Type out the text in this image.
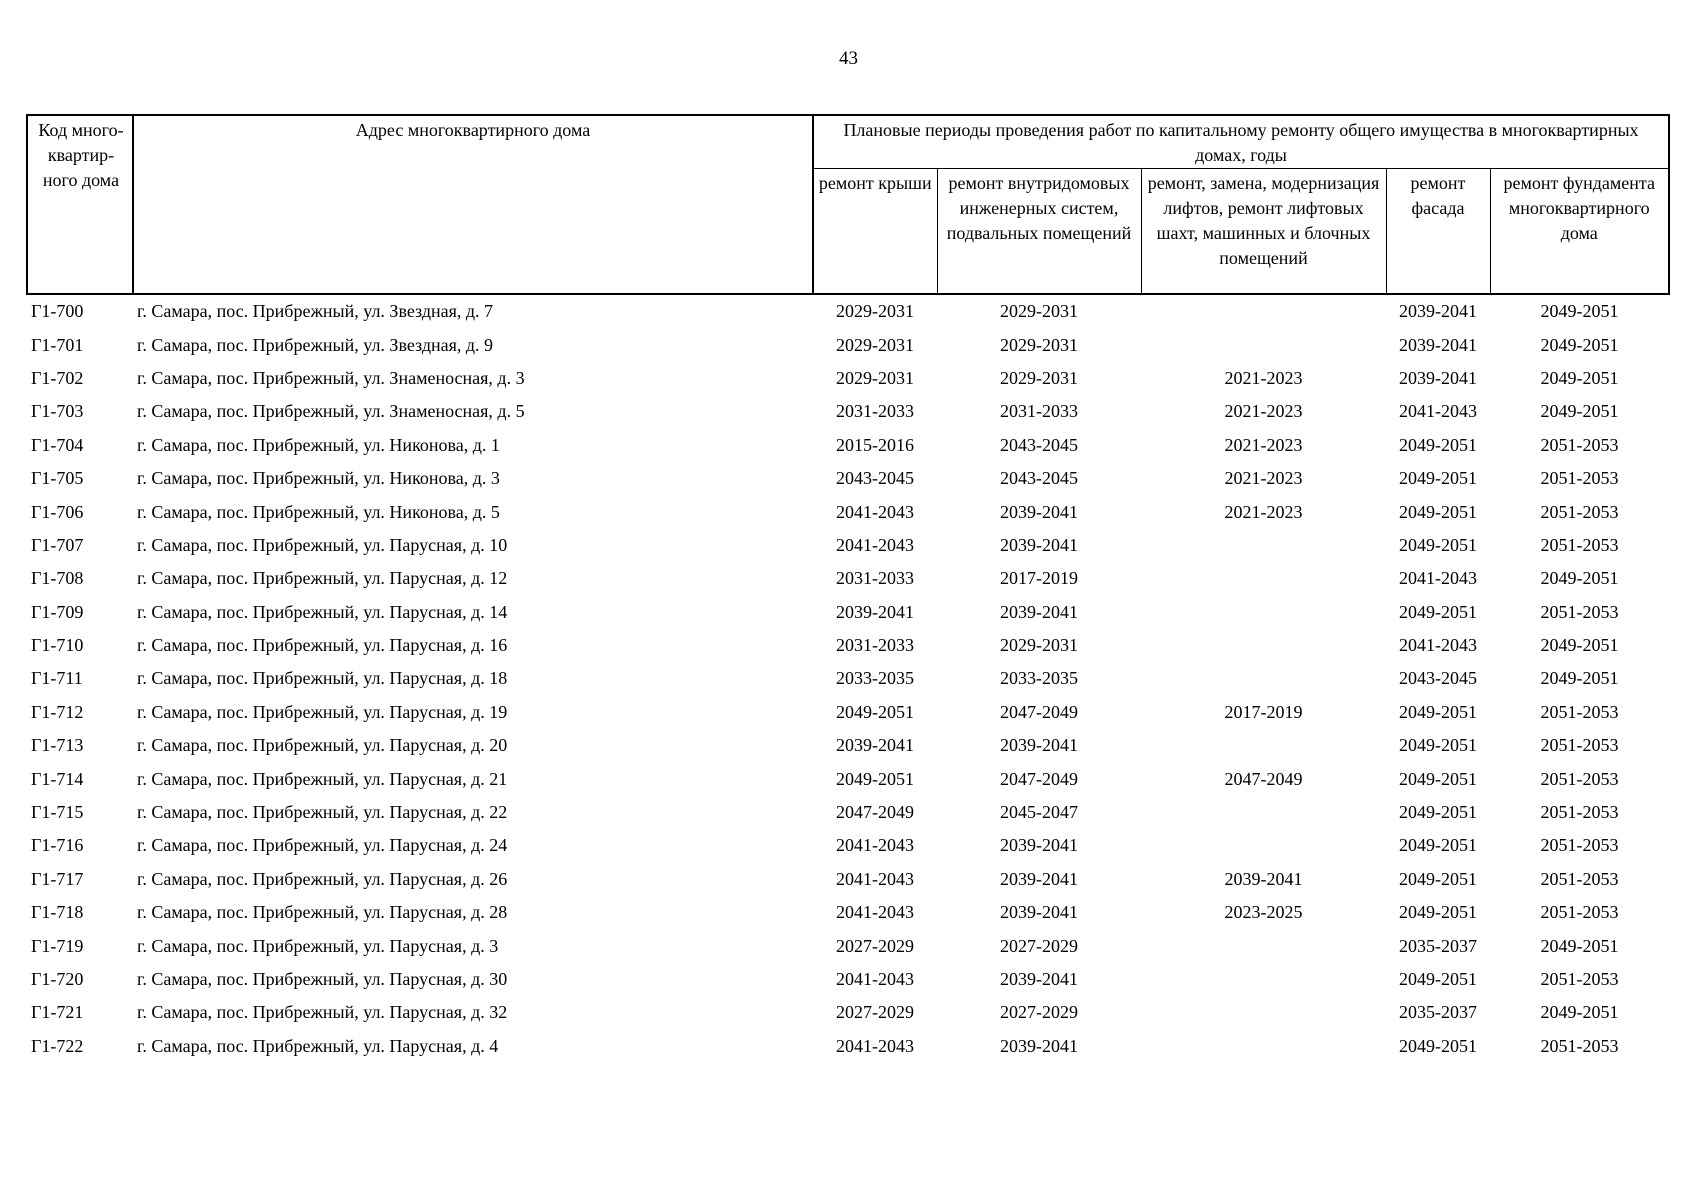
43
Код много-квартир-ного дома	Адрес многоквартирного дома	Плановые периоды проведения работ по капитальному ремонту общего имущества в многоквартирных домах, годы				
		ремонт крыши	ремонт внутридомовых инженерных систем, подвальных помещений	ремонт, замена, модернизация лифтов, ремонт лифтовых шахт, машинных и блочных помещений	ремонт фасада	ремонт фундамента многоквартирного дома
Г1-700	г. Самара, пос. Прибрежный, ул. Звездная, д. 7	2029-2031	2029-2031		2039-2041	2049-2051
Г1-701	г. Самара, пос. Прибрежный, ул. Звездная, д. 9	2029-2031	2029-2031		2039-2041	2049-2051
Г1-702	г. Самара, пос. Прибрежный, ул. Знаменосная, д. 3	2029-2031	2029-2031	2021-2023	2039-2041	2049-2051
Г1-703	г. Самара, пос. Прибрежный, ул. Знаменосная, д. 5	2031-2033	2031-2033	2021-2023	2041-2043	2049-2051
Г1-704	г. Самара, пос. Прибрежный, ул. Никонова, д. 1	2015-2016	2043-2045	2021-2023	2049-2051	2051-2053
Г1-705	г. Самара, пос. Прибрежный, ул. Никонова, д. 3	2043-2045	2043-2045	2021-2023	2049-2051	2051-2053
Г1-706	г. Самара, пос. Прибрежный, ул. Никонова, д. 5	2041-2043	2039-2041	2021-2023	2049-2051	2051-2053
Г1-707	г. Самара, пос. Прибрежный, ул. Парусная, д. 10	2041-2043	2039-2041		2049-2051	2051-2053
Г1-708	г. Самара, пос. Прибрежный, ул. Парусная, д. 12	2031-2033	2017-2019		2041-2043	2049-2051
Г1-709	г. Самара, пос. Прибрежный, ул. Парусная, д. 14	2039-2041	2039-2041		2049-2051	2051-2053
Г1-710	г. Самара, пос. Прибрежный, ул. Парусная, д. 16	2031-2033	2029-2031		2041-2043	2049-2051
Г1-711	г. Самара, пос. Прибрежный, ул. Парусная, д. 18	2033-2035	2033-2035		2043-2045	2049-2051
Г1-712	г. Самара, пос. Прибрежный, ул. Парусная, д. 19	2049-2051	2047-2049	2017-2019	2049-2051	2051-2053
Г1-713	г. Самара, пос. Прибрежный, ул. Парусная, д. 20	2039-2041	2039-2041		2049-2051	2051-2053
Г1-714	г. Самара, пос. Прибрежный, ул. Парусная, д. 21	2049-2051	2047-2049	2047-2049	2049-2051	2051-2053
Г1-715	г. Самара, пос. Прибрежный, ул. Парусная, д. 22	2047-2049	2045-2047		2049-2051	2051-2053
Г1-716	г. Самара, пос. Прибрежный, ул. Парусная, д. 24	2041-2043	2039-2041		2049-2051	2051-2053
Г1-717	г. Самара, пос. Прибрежный, ул. Парусная, д. 26	2041-2043	2039-2041	2039-2041	2049-2051	2051-2053
Г1-718	г. Самара, пос. Прибрежный, ул. Парусная, д. 28	2041-2043	2039-2041	2023-2025	2049-2051	2051-2053
Г1-719	г. Самара, пос. Прибрежный, ул. Парусная, д. 3	2027-2029	2027-2029		2035-2037	2049-2051
Г1-720	г. Самара, пос. Прибрежный, ул. Парусная, д. 30	2041-2043	2039-2041		2049-2051	2051-2053
Г1-721	г. Самара, пос. Прибрежный, ул. Парусная, д. 32	2027-2029	2027-2029		2035-2037	2049-2051
Г1-722	г. Самара, пос. Прибрежный, ул. Парусная, д. 4	2041-2043	2039-2041		2049-2051	2051-2053
